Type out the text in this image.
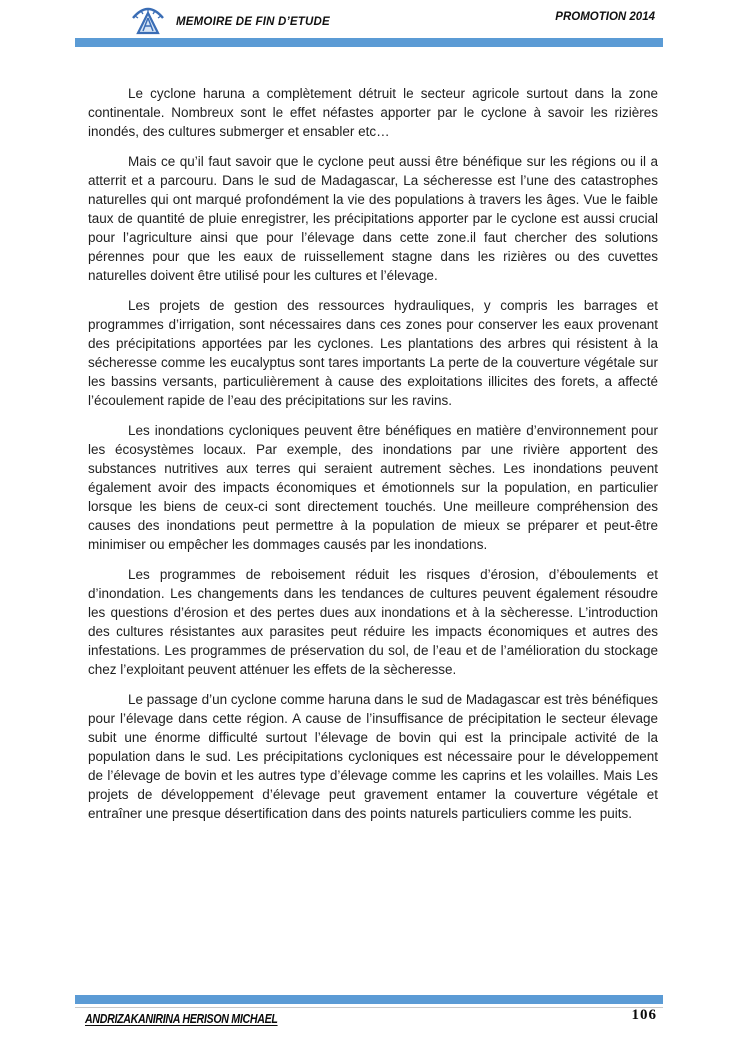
MEMOIRE DE FIN D’ETUDE	PROMOTION 2014

Le cyclone haruna a complètement détruit le secteur agricole surtout dans la zone continentale. Nombreux sont le effet néfastes apporter par le cyclone à savoir les rizières inondés, des cultures submerger et ensabler etc…

Mais ce qu’il faut savoir que le cyclone peut aussi être bénéfique sur les régions ou il a atterrit et a parcouru. Dans le sud de Madagascar, La sécheresse est l’une des catastrophes naturelles qui ont marqué profondément la vie des populations à travers les âges. Vue le faible taux de quantité de pluie enregistrer, les précipitations apporter par le cyclone est aussi crucial pour l’agriculture ainsi que pour l’élevage dans cette zone.il faut chercher des solutions pérennes pour que les eaux de ruissellement stagne dans les rizières ou des cuvettes naturelles doivent être utilisé pour les cultures et l’élevage.

Les projets de gestion des ressources hydrauliques, y compris les barrages et programmes d’irrigation, sont nécessaires dans ces zones pour conserver les eaux provenant des précipitations apportées par les cyclones. Les plantations des arbres qui résistent à la sécheresse comme les eucalyptus sont tares importants La perte de la couverture végétale sur les bassins versants, particulièrement à cause des exploitations illicites des forets, a affecté l’écoulement rapide de l’eau des précipitations sur les ravins.

Les inondations cycloniques peuvent être bénéfiques en matière d’environnement pour les écosystèmes locaux. Par exemple, des inondations par une rivière apportent des substances nutritives aux terres qui seraient autrement sèches. Les inondations peuvent également avoir des impacts économiques et émotionnels sur la population, en particulier lorsque les biens de ceux-ci sont directement touchés. Une meilleure compréhension des causes des inondations peut permettre à la population de mieux se préparer et peut-être minimiser ou empêcher les dommages causés par les inondations.

Les programmes de reboisement réduit les risques d’érosion, d’éboulements et d’inondation. Les changements dans les tendances de cultures peuvent également résoudre les questions d’érosion et des pertes dues aux inondations et à la sècheresse. L’introduction des cultures résistantes aux parasites peut réduire les impacts économiques et autres des infestations. Les programmes de préservation du sol, de l’eau et de l’amélioration du stockage chez l’exploitant peuvent atténuer les effets de la sècheresse.

Le passage d’un cyclone comme haruna dans le sud de Madagascar est très bénéfiques pour l’élevage dans cette région. A cause de l’insuffisance de précipitation le secteur élevage subit une énorme difficulté surtout l’élevage de bovin qui est la principale activité de la population dans le sud. Les précipitations cycloniques est nécessaire pour le développement de l’élevage de bovin et les autres type d’élevage comme les caprins et les volailles. Mais Les projets de développement d’élevage peut gravement entamer la couverture végétale et entraîner une presque désertification dans des points naturels particuliers comme les puits.

ANDRIZAKANIRINA HERISON MICHAEL	106
